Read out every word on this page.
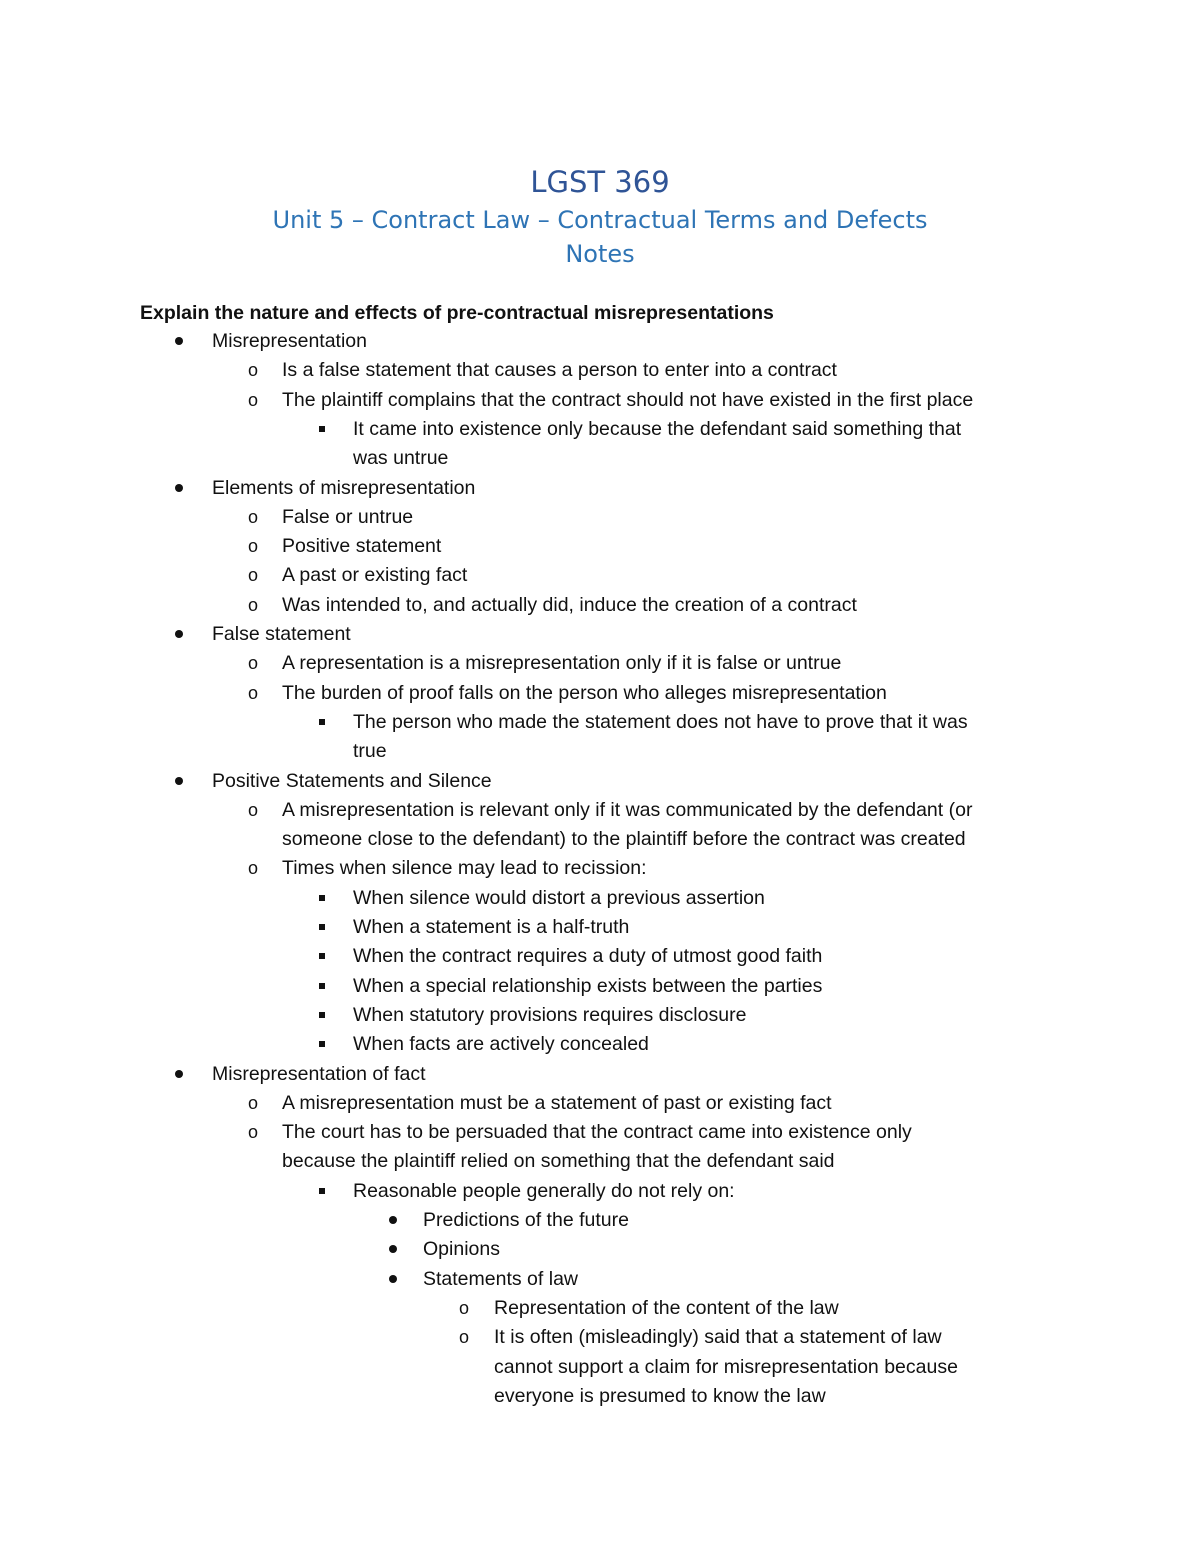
LGST 369
Unit 5 – Contract Law – Contractual Terms and Defects
Notes
Explain the nature and effects of pre-contractual misrepresentations
Misrepresentation
o Is a false statement that causes a person to enter into a contract
o The plaintiff complains that the contract should not have existed in the first place
It came into existence only because the defendant said something that
was untrue
Elements of misrepresentation
o False or untrue
o Positive statement
o A past or existing fact
o Was intended to, and actually did, induce the creation of a contract
False statement
o A representation is a misrepresentation only if it is false or untrue
o The burden of proof falls on the person who alleges misrepresentation
The person who made the statement does not have to prove that it was
true
Positive Statements and Silence
o A misrepresentation is relevant only if it was communicated by the defendant (or
someone close to the defendant) to the plaintiff before the contract was created
o Times when silence may lead to recission:
When silence would distort a previous assertion
When a statement is a half-truth
When the contract requires a duty of utmost good faith
When a special relationship exists between the parties
When statutory provisions requires disclosure
When facts are actively concealed
Misrepresentation of fact
o A misrepresentation must be a statement of past or existing fact
o The court has to be persuaded that the contract came into existence only
because the plaintiff relied on something that the defendant said
Reasonable people generally do not rely on:
Predictions of the future
Opinions
Statements of law
o Representation of the content of the law
o It is often (misleadingly) said that a statement of law
cannot support a claim for misrepresentation because
everyone is presumed to know the law
